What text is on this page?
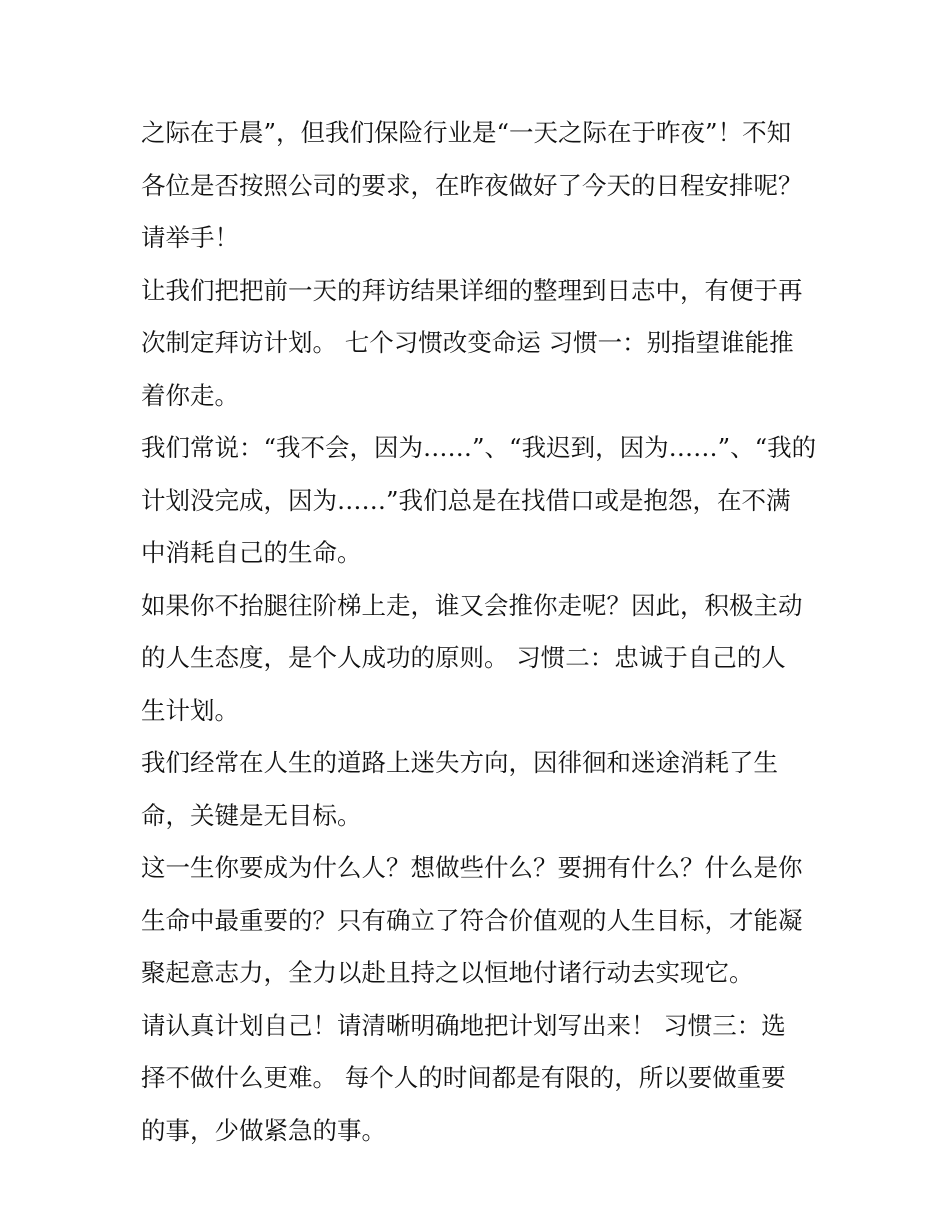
之际在于晨”，但我们保险行业是“一天之际在于昨夜”！不知
各位是否按照公司的要求，在昨夜做好了今天的日程安排呢？
请举手！
让我们把把前一天的拜访结果详细的整理到日志中，有便于再
次制定拜访计划。 七个习惯改变命运 习惯一：别指望谁能推
着你走。
我们常说：“我不会，因为……”、“我迟到，因为……”、“我的
计划没完成，因为……”我们总是在找借口或是抱怨，在不满
中消耗自己的生命。
如果你不抬腿往阶梯上走，谁又会推你走呢？因此，积极主动
的人生态度，是个人成功的原则。 习惯二：忠诚于自己的人
生计划。
我们经常在人生的道路上迷失方向，因徘徊和迷途消耗了生
命，关键是无目标。
这一生你要成为什么人？想做些什么？要拥有什么？什么是你
生命中最重要的？只有确立了符合价值观的人生目标，才能凝
聚起意志力，全力以赴且持之以恒地付诸行动去实现它。
请认真计划自己！请清晰明确地把计划写出来！ 习惯三：选
择不做什么更难。 每个人的时间都是有限的，所以要做重要
的事，少做紧急的事。
